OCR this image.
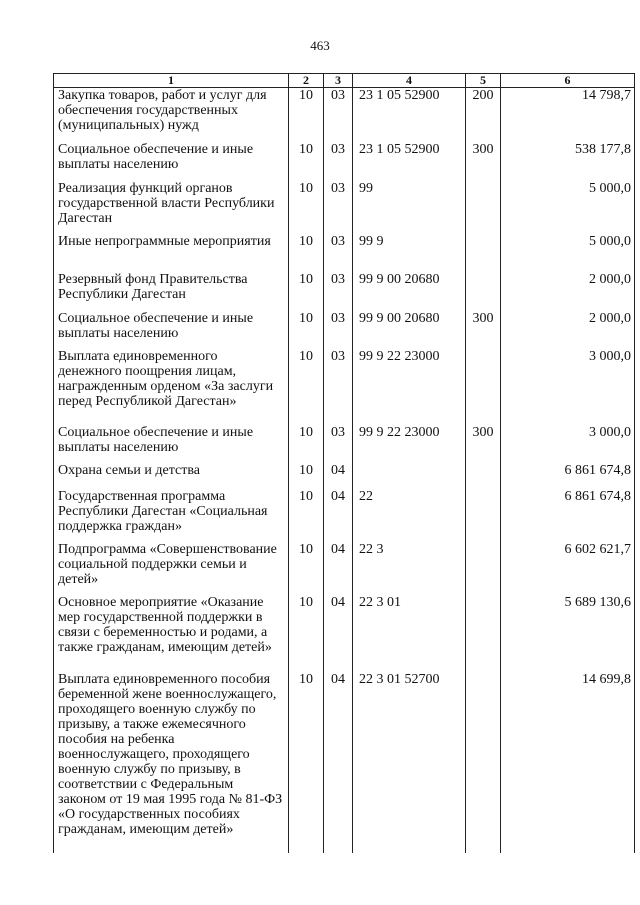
463
1	2	3	4	5	6
Закупка товаров, работ и услуг для обеспечения государственных (муниципальных) нужд	10	03	23 1 05 52900	200	14 798,7
Социальное обеспечение и иные выплаты населению	10	03	23 1 05 52900	300	538 177,8
Реализация функций органов государственной власти Республики Дагестан	10	03	99		5 000,0
Иные непрограммные мероприятия	10	03	99 9		5 000,0
Резервный фонд Правительства Республики Дагестан	10	03	99 9 00 20680		2 000,0
Социальное обеспечение и иные выплаты населению	10	03	99 9 00 20680	300	2 000,0
Выплата единовременного денежного поощрения лицам, награжденным орденом «За заслуги перед Республикой Дагестан»	10	03	99 9 22 23000		3 000,0
Социальное обеспечение и иные выплаты населению	10	03	99 9 22 23000	300	3 000,0
Охрана семьи и детства	10	04			6 861 674,8
Государственная программа Республики Дагестан «Социальная поддержка граждан»	10	04	22		6 861 674,8
Подпрограмма «Совершенствование социальной поддержки семьи и детей»	10	04	22 3		6 602 621,7
Основное мероприятие «Оказание мер государственной поддержки в связи с беременностью и родами, а также гражданам, имеющим детей»	10	04	22 3 01		5 689 130,6
Выплата единовременного пособия беременной жене военнослужащего, проходящего военную службу по призыву, а также ежемесячного пособия на ребенка военнослужащего, проходящего военную службу по призыву, в соответствии с Федеральным законом от 19 мая 1995 года № 81-ФЗ «О государственных пособиях гражданам, имеющим детей»	10	04	22 3 01 52700		14 699,8
